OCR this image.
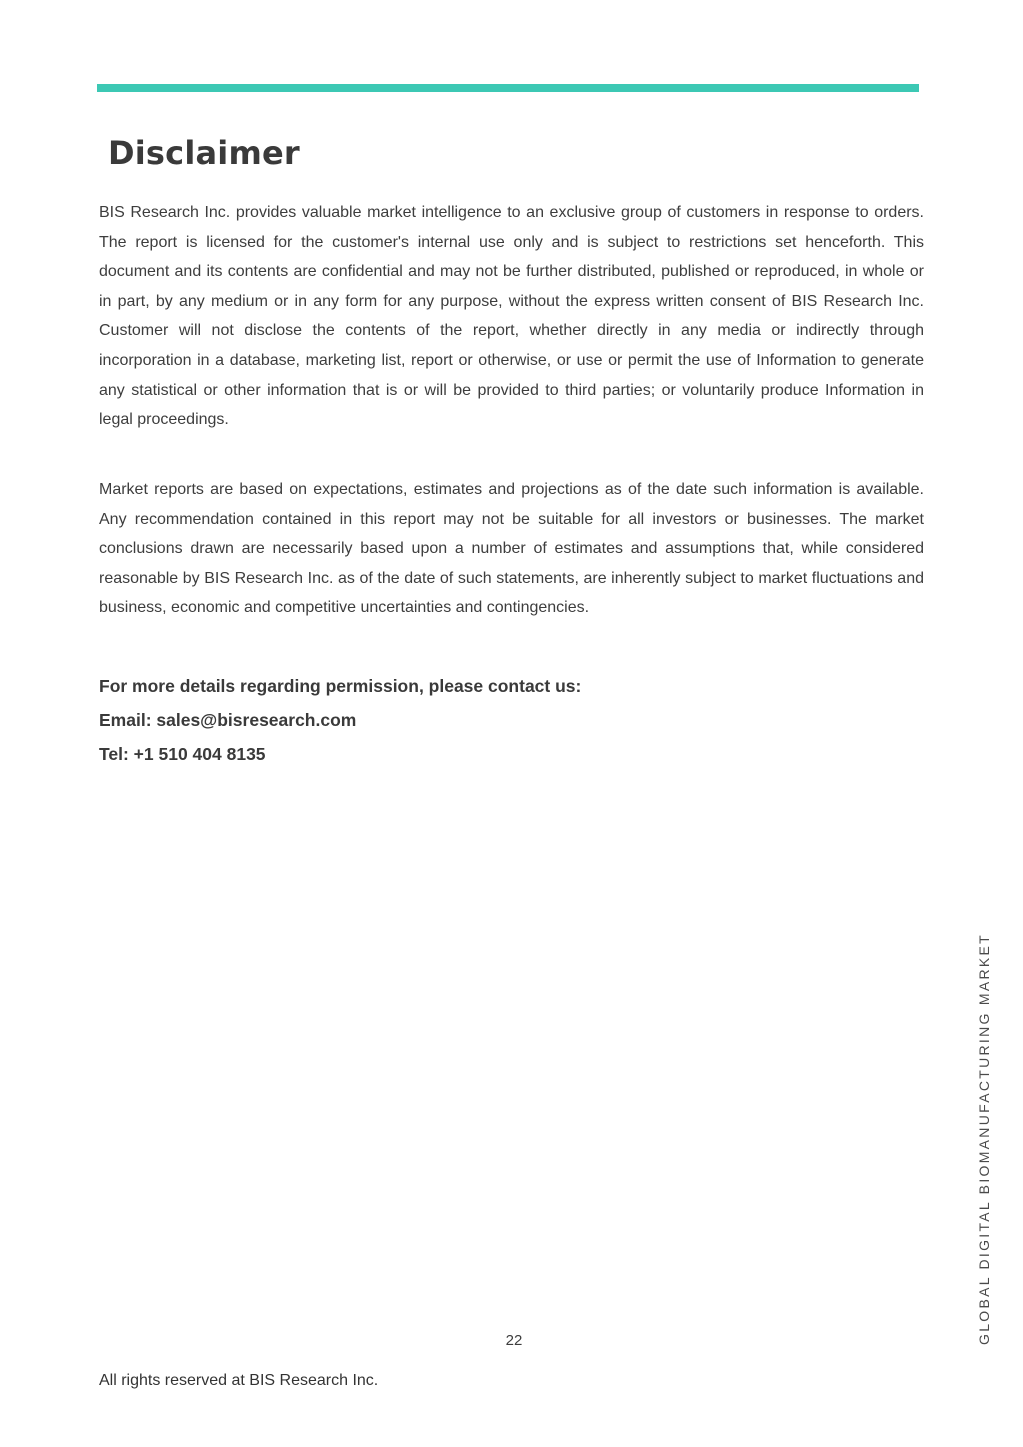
Disclaimer

BIS Research Inc. provides valuable market intelligence to an exclusive group of customers in response to orders. The report is licensed for the customer's internal use only and is subject to restrictions set henceforth. This document and its contents are confidential and may not be further distributed, published or reproduced, in whole or in part, by any medium or in any form for any purpose, without the express written consent of BIS Research Inc. Customer will not disclose the contents of the report, whether directly in any media or indirectly through incorporation in a database, marketing list, report or otherwise, or use or permit the use of Information to generate any statistical or other information that is or will be provided to third parties; or voluntarily produce Information in legal proceedings.

Market reports are based on expectations, estimates and projections as of the date such information is available. Any recommendation contained in this report may not be suitable for all investors or businesses. The market conclusions drawn are necessarily based upon a number of estimates and assumptions that, while considered reasonable by BIS Research Inc. as of the date of such statements, are inherently subject to market fluctuations and business, economic and competitive uncertainties and contingencies.

For more details regarding permission, please contact us:
Email: sales@bisresearch.com
Tel: +1 510 404 8135
GLOBAL DIGITAL BIOMANUFACTURING MARKET
22
All rights reserved at BIS Research Inc.
